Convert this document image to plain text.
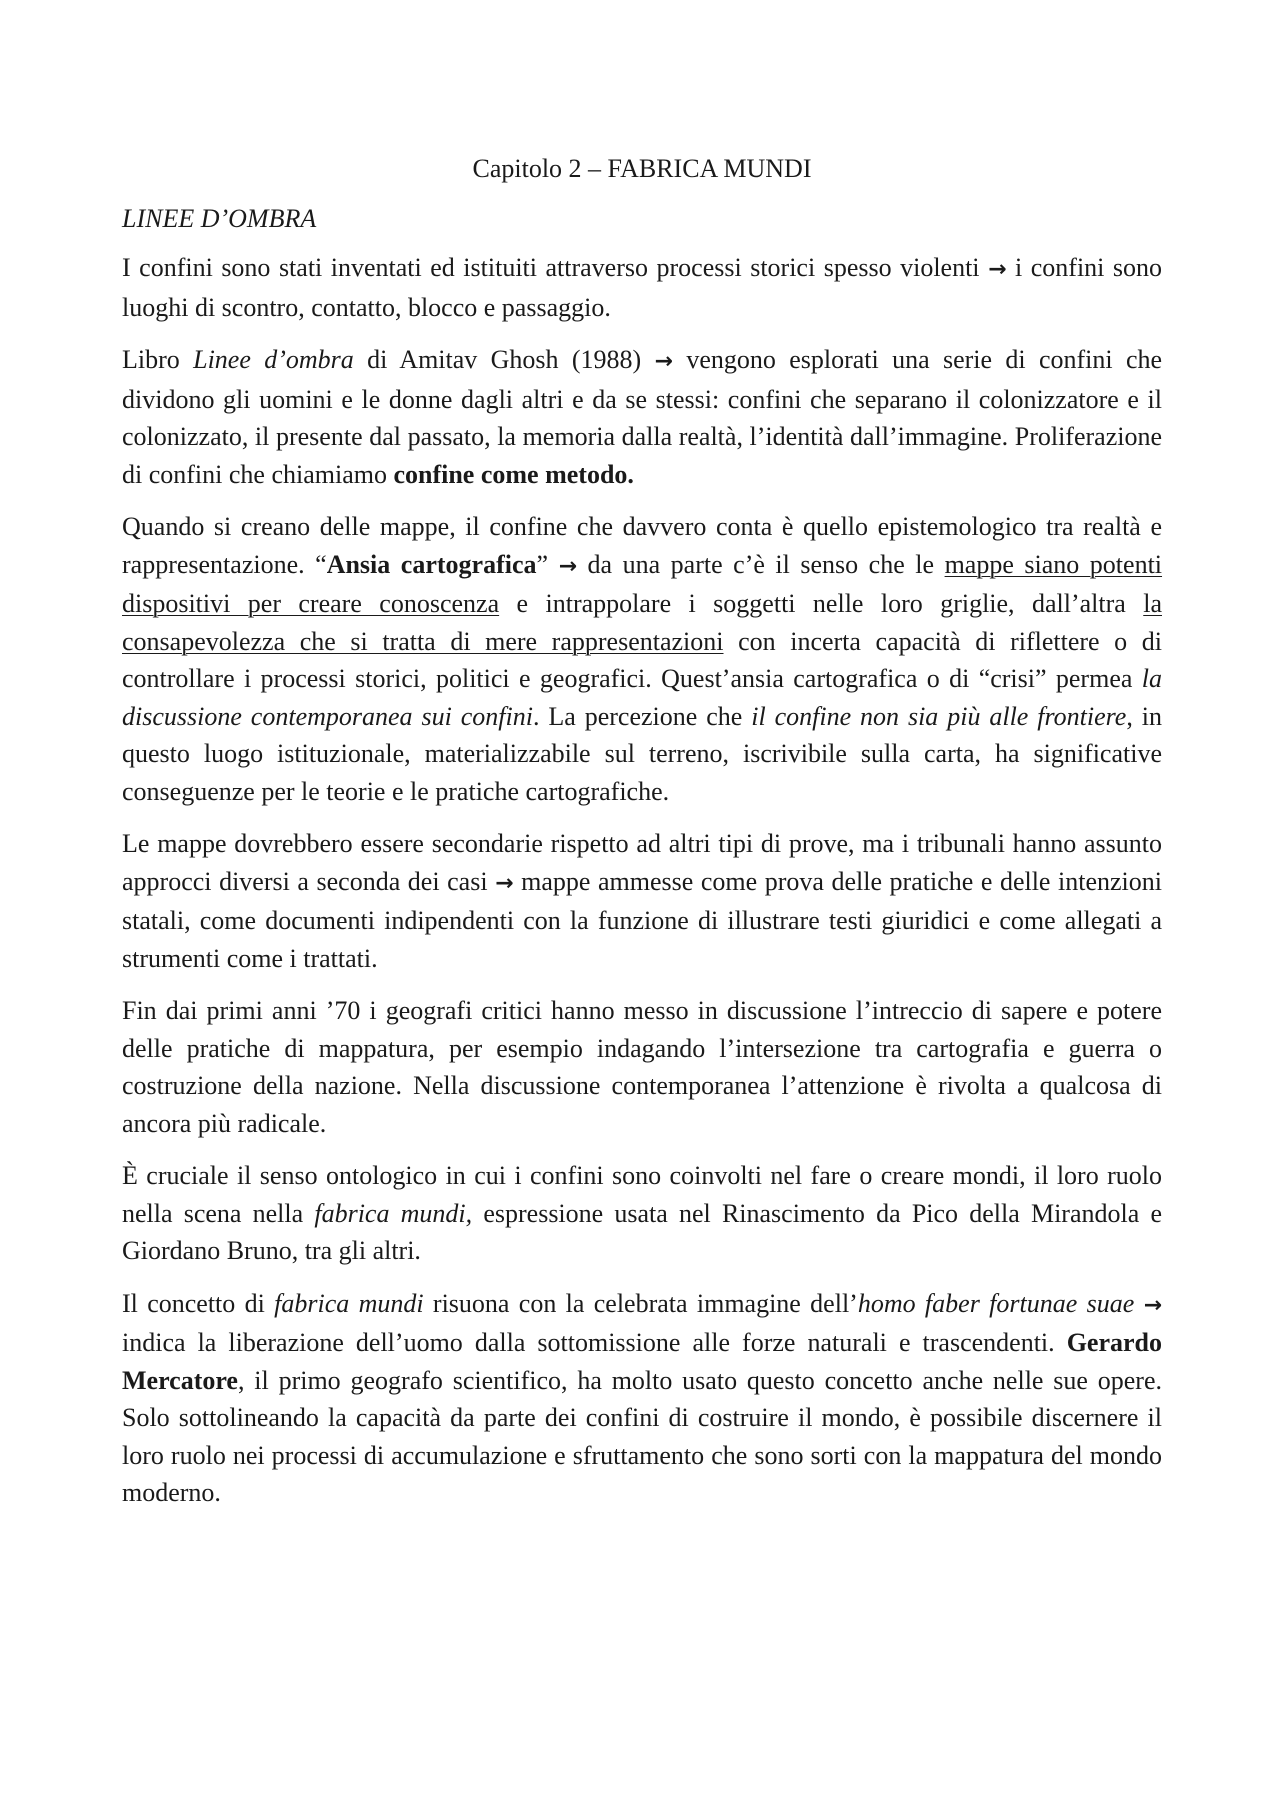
Capitolo 2 – FABRICA MUNDI
LINEE D’OMBRA

I confini sono stati inventati ed istituiti attraverso processi storici spesso violenti → i confini sono luoghi di scontro, contatto, blocco e passaggio.

Libro Linee d’ombra di Amitav Ghosh (1988) → vengono esplorati una serie di confini che dividono gli uomini e le donne dagli altri e da se stessi: confini che separano il colonizzatore e il colonizzato, il presente dal passato, la memoria dalla realtà, l’identità dall’immagine. Proliferazione di confini che chiamiamo confine come metodo.

Quando si creano delle mappe, il confine che davvero conta è quello epistemologico tra realtà e rappresentazione. “Ansia cartografica” → da una parte c’è il senso che le mappe siano potenti dispositivi per creare conoscenza e intrappolare i soggetti nelle loro griglie, dall’altra la consapevolezza che si tratta di mere rappresentazioni con incerta capacità di riflettere o di controllare i processi storici, politici e geografici. Quest’ansia cartografica o di “crisi” permea la discussione contemporanea sui confini. La percezione che il confine non sia più alle frontiere, in questo luogo istituzionale, materializzabile sul terreno, iscrivibile sulla carta, ha significative conseguenze per le teorie e le pratiche cartografiche.

Le mappe dovrebbero essere secondarie rispetto ad altri tipi di prove, ma i tribunali hanno assunto approcci diversi a seconda dei casi → mappe ammesse come prova delle pratiche e delle intenzioni statali, come documenti indipendenti con la funzione di illustrare testi giuridici e come allegati a strumenti come i trattati.

Fin dai primi anni ’70 i geografi critici hanno messo in discussione l’intreccio di sapere e potere delle pratiche di mappatura, per esempio indagando l’intersezione tra cartografia e guerra o costruzione della nazione. Nella discussione contemporanea l’attenzione è rivolta a qualcosa di ancora più radicale.

È cruciale il senso ontologico in cui i confini sono coinvolti nel fare o creare mondi, il loro ruolo nella scena nella fabrica mundi, espressione usata nel Rinascimento da Pico della Mirandola e Giordano Bruno, tra gli altri.

Il concetto di fabrica mundi risuona con la celebrata immagine dell’homo faber fortunae suae → indica la liberazione dell’uomo dalla sottomissione alle forze naturali e trascendenti. Gerardo Mercatore, il primo geografo scientifico, ha molto usato questo concetto anche nelle sue opere. Solo sottolineando la capacità da parte dei confini di costruire il mondo, è possibile discernere il loro ruolo nei processi di accumulazione e sfruttamento che sono sorti con la mappatura del mondo moderno.
